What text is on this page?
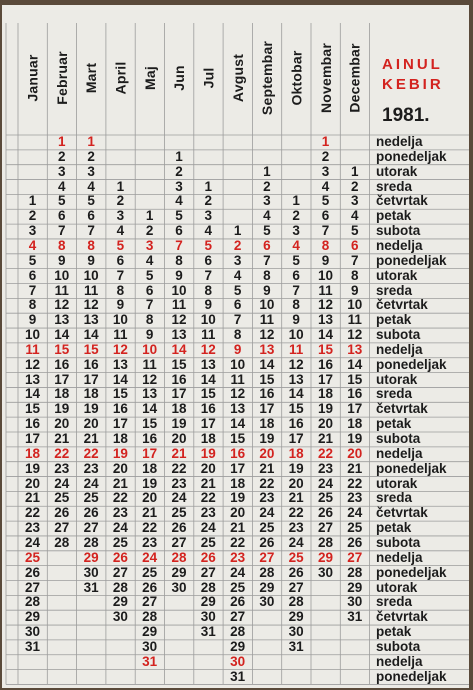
Januar Februar Mart April Maj Jun Jul Avgust Septembar Oktobar Novembar Decembar
1
2
3
4
5
6
7
8
9
10
11
12
13
14
15
16
17
18
19
20
21
22
23
24
25
26
27
28
29
30
31
1
2
3
4
5
6
7
8
9
10
11
12
13
14
15
16
17
18
19
20
21
22
23
24
25
26
27
28
1
2
3
4
5
6
7
8
9
10
11
12
13
14
15
16
17
18
19
20
21
22
23
24
25
26
27
28
29
30
31
1
2
3
4
5
6
7
8
9
10
11
12
13
14
15
16
17
18
19
20
21
22
23
24
25
26
27
28
29
30
1
2
3
4
5
6
7
8
9
10
11
12
13
14
15
16
17
18
19
20
21
22
23
24
25
26
27
28
29
30
31
1
2
3
4
5
6
7
8
9
10
11
12
13
14
15
16
17
18
19
20
21
22
23
24
25
26
27
28
29
30
1
2
3
4
5
6
7
8
9
10
11
12
13
14
15
16
17
18
19
20
21
22
23
24
25
26
27
28
29
30
31
1
2
3
4
5
6
7
8
9
10
11
12
13
14
15
16
17
18
19
20
21
22
23
24
25
26
27
28
29
30
31
1
2
3
4
5
6
7
8
9
10
11
12
13
14
15
16
17
18
19
20
21
22
23
24
25
26
27
28
29
30
1
2
3
4
5
6
7
8
9
10
11
12
13
14
15
16
17
18
19
20
21
22
23
24
25
26
27
28
29
30
31
1
2
3
4
5
6
7
8
9
10
11
12
13
14
15
16
17
18
19
20
21
22
23
24
25
26
27
28
29
30
1
2
3
4
5
6
7
8
9
10
11
12
13
14
15
16
17
18
19
20
21
22
23
24
25
26
27
28
29
30
31
nedelja
ponedeljak
utorak
sreda
četvrtak
petak
subota
nedelja
ponedeljak
utorak
sreda
četvrtak
petak
subota
nedelja
ponedeljak
utorak
sreda
četvrtak
petak
subota
nedelja
ponedeljak
utorak
sreda
četvrtak
petak
subota
nedelja
ponedeljak
utorak
sreda
četvrtak
petak
subota
nedelja
ponedeljak
AINUL
KEBIR
1981.
